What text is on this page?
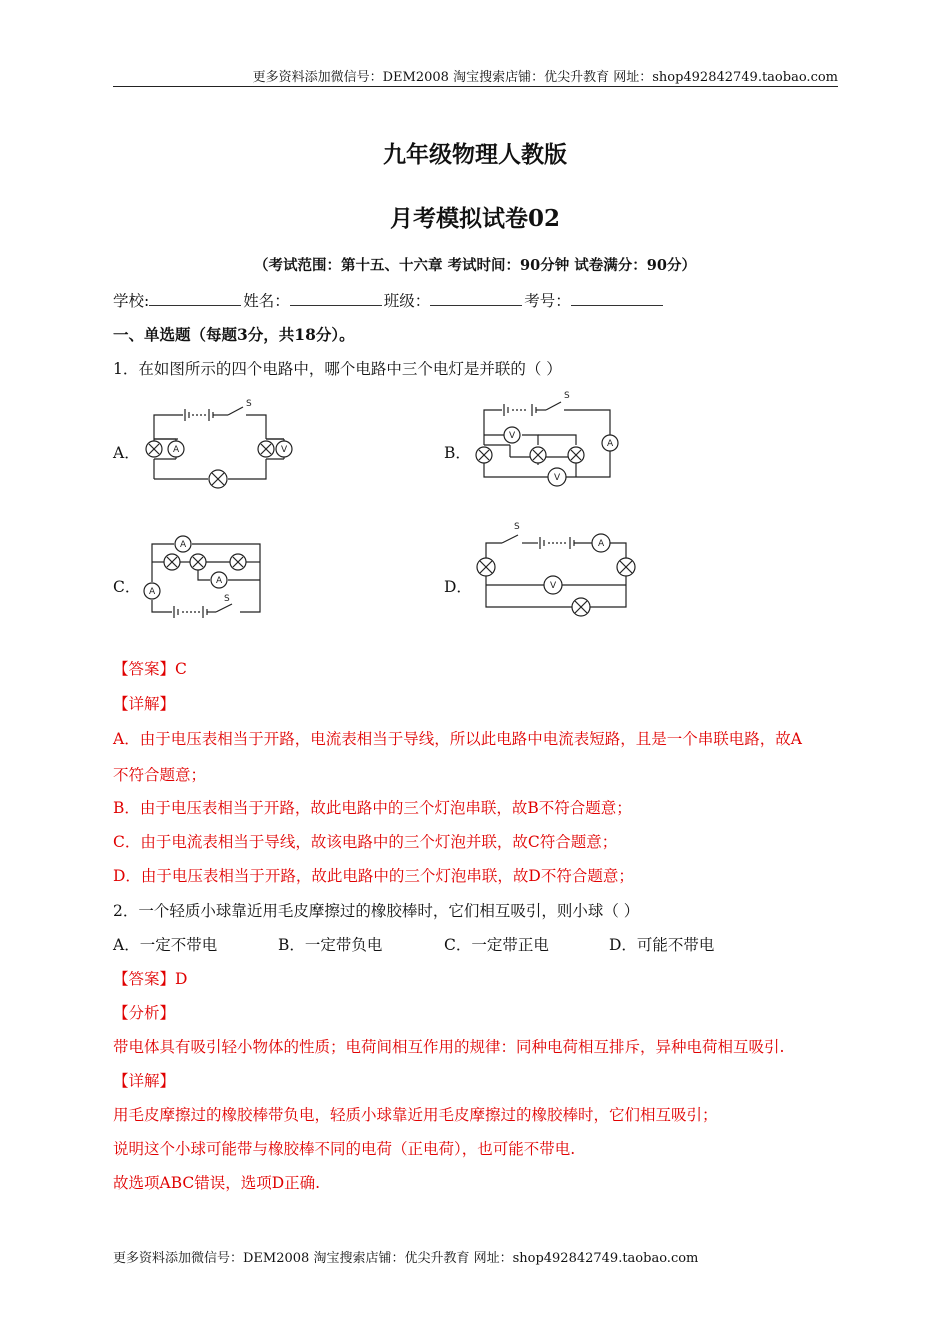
更多资料添加微信号：DEM2008 淘宝搜索店铺：优尖升教育 网址：shop492842749.taobao.com
九年级物理人教版
月考模拟试卷02
（考试范围：第十五、十六章 考试时间：90分钟 试卷满分：90分）
学校:	姓名：	班级：	考号：
一、单选题（每题3分，共18分）。
1．在如图所示的四个电路中，哪个电路中三个电灯是并联的（ ）
A．	B．
C．	D．
S
A	V
S
V
A
V
S
A
A
A
S
A
V
【答案】C
【详解】
A．由于电压表相当于开路，电流表相当于导线，所以此电路中电流表短路，且是一个串联电路，故A
不符合题意；
B．由于电压表相当于开路，故此电路中的三个灯泡串联，故B不符合题意；
C．由于电流表相当于导线，故该电路中的三个灯泡并联，故C符合题意；
D．由于电压表相当于开路，故此电路中的三个灯泡串联，故D不符合题意；
2．一个轻质小球靠近用毛皮摩擦过的橡胶棒时，它们相互吸引，则小球（ ）
A．一定不带电	B．一定带负电	C．一定带正电	D．可能不带电
【答案】D
【分析】
带电体具有吸引轻小物体的性质；电荷间相互作用的规律：同种电荷相互排斥，异种电荷相互吸引.
【详解】
用毛皮摩擦过的橡胶棒带负电，轻质小球靠近用毛皮摩擦过的橡胶棒时，它们相互吸引；
说明这个小球可能带与橡胶棒不同的电荷（正电荷），也可能不带电.
故选项ABC错误，选项D正确.
更多资料添加微信号：DEM2008 淘宝搜索店铺：优尖升教育 网址：shop492842749.taobao.com
